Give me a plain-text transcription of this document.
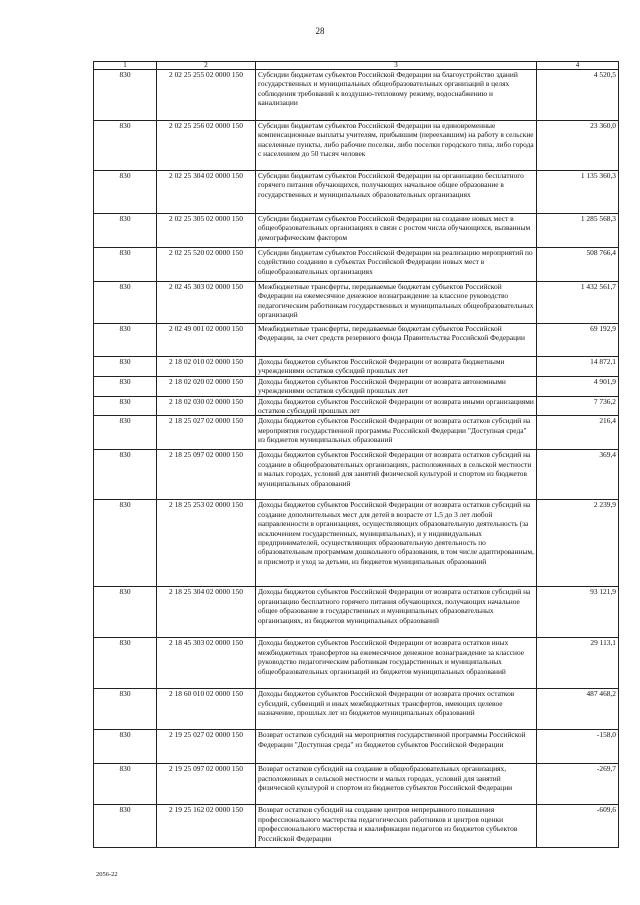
28
1	2	3	4
830	2 02 25 255 02 0000 150	Субсидии бюджетам субъектов Российской Федерации на благоустройство зданий государственных и муниципальных общеобразовательных организаций в целях соблюдения требований к воздушно-тепловому режиму, водоснабжению и канализации	4 520,5
830	2 02 25 256 02 0000 150	Субсидии бюджетам субъектов Российской Федерации на единовременные компенсационные выплаты учителям, прибывшим (переехавшим) на работу в сельские населенные пункты, либо рабочие поселки, либо поселки городского типа, либо города с населением до 50 тысяч человек	23 360,0
830	2 02 25 304 02 0000 150	Субсидии бюджетам субъектов Российской Федерации на организацию бесплатного горячего питания обучающихся, получающих начальное общее образование в государственных и муниципальных образовательных организациях	1 135 360,3
830	2 02 25 305 02 0000 150	Субсидии бюджетам субъектов Российской Федерации на создание новых мест в общеобразовательных организациях в связи с ростом числа обучающихся, вызванным демографическим фактором	1 285 568,3
830	2 02 25 520 02 0000 150	Субсидии бюджетам субъектов Российской Федерации на реализацию мероприятий по содействию созданию в субъектах Российской Федерации новых мест в общеобразовательных организациях	508 766,4
830	2 02 45 303 02 0000 150	Межбюджетные трансферты, передаваемые бюджетам субъектов Российской Федерации на ежемесячное денежное вознаграждение за классное руководство педагогическим работникам государственных и муниципальных общеобразовательных организаций	1 432 561,7
830	2 02 49 001 02 0000 150	Межбюджетные трансферты, передаваемые бюджетам субъектов Российской Федерации, за счет средств резервного фонда Правительства Российской Федерации	69 192,9
830	2 18 02 010 02 0000 150	Доходы бюджетов субъектов Российской Федерации от возврата бюджетными учреждениями остатков субсидий прошлых лет	14 872,1
830	2 18 02 020 02 0000 150	Доходы бюджетов субъектов Российской Федерации от возврата автономными учреждениями остатков субсидий прошлых лет	4 901,9
830	2 18 02 030 02 0000 150	Доходы бюджетов субъектов Российской Федерации от возврата иными организациями остатков субсидий прошлых лет	7 736,2
830	2 18 25 027 02 0000 150	Доходы бюджетов субъектов Российской Федерации от возврата остатков субсидий на мероприятия государственной программы Российской Федерации "Доступная среда" из бюджетов муниципальных образований	216,4
830	2 18 25 097 02 0000 150	Доходы бюджетов субъектов Российской Федерации от возврата остатков субсидий на создание в общеобразовательных организациях, расположенных в сельской местности и малых городах, условий для занятий физической культурой и спортом из бюджетов муниципальных образований	369,4
830	2 18 25 253 02 0000 150	Доходы бюджетов субъектов Российской Федерации от возврата остатков субсидий на создание дополнительных мест для детей в возрасте от 1,5 до 3 лет любой направленности в организациях, осуществляющих образовательную деятельность (за исключением государственных, муниципальных), и у индивидуальных предпринимателей, осуществляющих образовательную деятельность по образовательным программам дошкольного образования, в том числе адаптированным, и присмотр и уход за детьми, из бюджетов муниципальных образований	2 239,9
830	2 18 25 304 02 0000 150	Доходы бюджетов субъектов Российской Федерации от возврата остатков субсидий на организацию бесплатного горячего питания обучающихся, получающих начальное общее образование в государственных и муниципальных образовательных организациях, из бюджетов муниципальных образований	93 121,9
830	2 18 45 303 02 0000 150	Доходы бюджетов субъектов Российской Федерации от возврата остатков иных межбюджетных трансфертов на ежемесячное денежное вознаграждение за классное руководство педагогическим работникам государственных и муниципальных общеобразовательных организаций из бюджетов муниципальных образований	29 113,1
830	2 18 60 010 02 0000 150	Доходы бюджетов субъектов Российской Федерации от возврата прочих остатков субсидий, субвенций и иных межбюджетных трансфертов, имеющих целевое назначение, прошлых лет из бюджетов муниципальных образований	487 468,2
830	2 19 25 027 02 0000 150	Возврат остатков субсидий на мероприятия государственной программы Российской Федерации "Доступная среда" из бюджетов субъектов Российской Федерации	-158,0
830	2 19 25 097 02 0000 150	Возврат остатков субсидий на создание в общеобразовательных организациях, расположенных в сельской местности и малых городах, условий для занятий физической культурой и спортом из бюджетов субъектов Российской Федерации	-269,7
830	2 19 25 162 02 0000 150	Возврат остатков субсидий на создание центров непрерывного повышения профессионального мастерства педагогических работников и центров оценки профессионального мастерства и квалификации педагогов из бюджетов субъектов Российской Федерации	-609,6
2056-22
